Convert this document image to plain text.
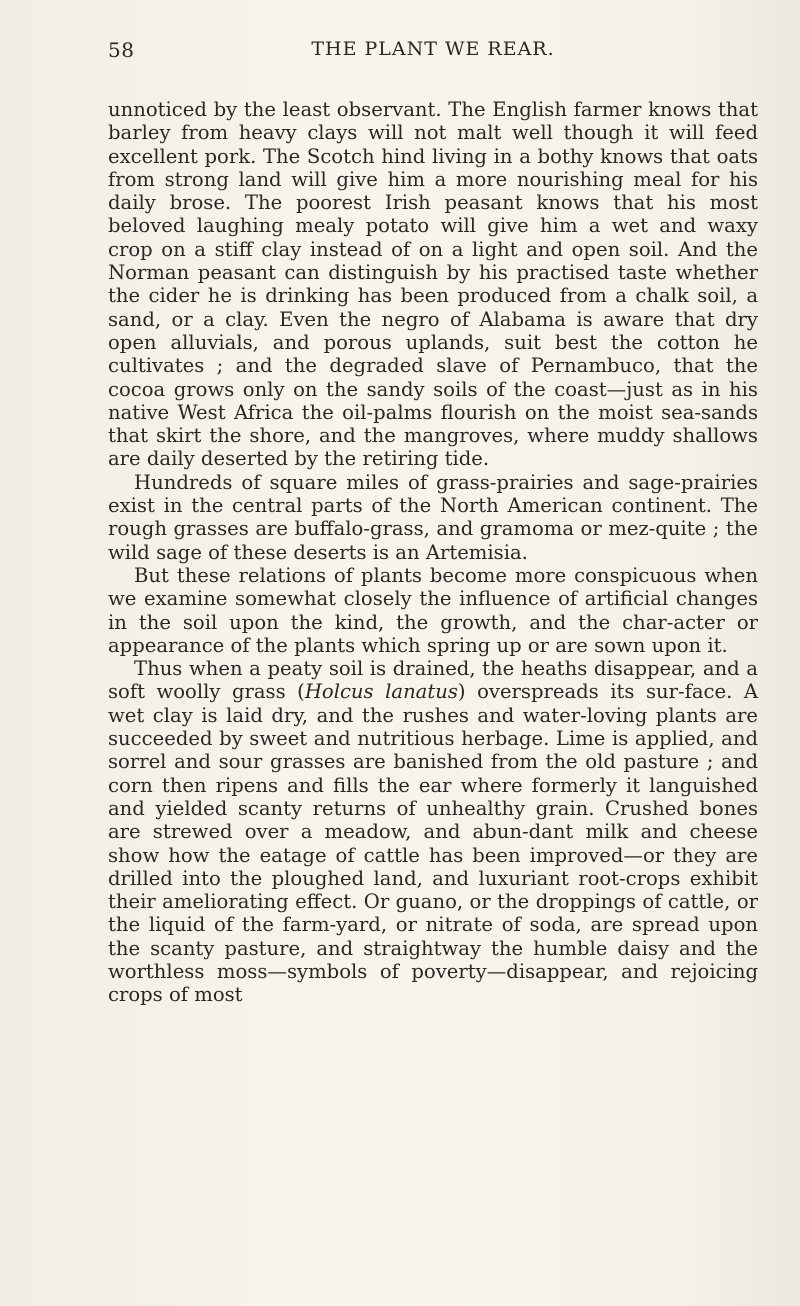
58	THE PLANT WE REAR.

unnoticed by the least observant. The English farmer knows that barley from heavy clays will not malt well though it will feed excellent pork. The Scotch hind living in a bothy knows that oats from strong land will give him a more nourishing meal for his daily brose. The poorest Irish peasant knows that his most beloved laughing mealy potato will give him a wet and waxy crop on a stiff clay instead of on a light and open soil. And the Norman peasant can distinguish by his practised taste whether the cider he is drinking has been produced from a chalk soil, a sand, or a clay. Even the negro of Alabama is aware that dry open alluvials, and porous uplands, suit best the cotton he cultivates ; and the degraded slave of Pernambuco, that the cocoa grows only on the sandy soils of the coast—just as in his native West Africa the oil-palms flourish on the moist sea-sands that skirt the shore, and the mangroves, where muddy shallows are daily deserted by the retiring tide.

Hundreds of square miles of grass-prairies and sage-prairies exist in the central parts of the North American continent. The rough grasses are buffalo-grass, and gramoma or mez-quite ; the wild sage of these deserts is an Artemisia.

But these relations of plants become more conspicuous when we examine somewhat closely the influence of artificial changes in the soil upon the kind, the growth, and the char-acter or appearance of the plants which spring up or are sown upon it.

Thus when a peaty soil is drained, the heaths disappear, and a soft woolly grass (Holcus lanatus) overspreads its sur-face. A wet clay is laid dry, and the rushes and water-loving plants are succeeded by sweet and nutritious herbage. Lime is applied, and sorrel and sour grasses are banished from the old pasture ; and corn then ripens and fills the ear where formerly it languished and yielded scanty returns of unhealthy grain. Crushed bones are strewed over a meadow, and abun-dant milk and cheese show how the eatage of cattle has been improved—or they are drilled into the ploughed land, and luxuriant root-crops exhibit their ameliorating effect. Or guano, or the droppings of cattle, or the liquid of the farm-yard, or nitrate of soda, are spread upon the scanty pasture, and straightway the humble daisy and the worthless moss—symbols of poverty—disappear, and rejoicing crops of most
